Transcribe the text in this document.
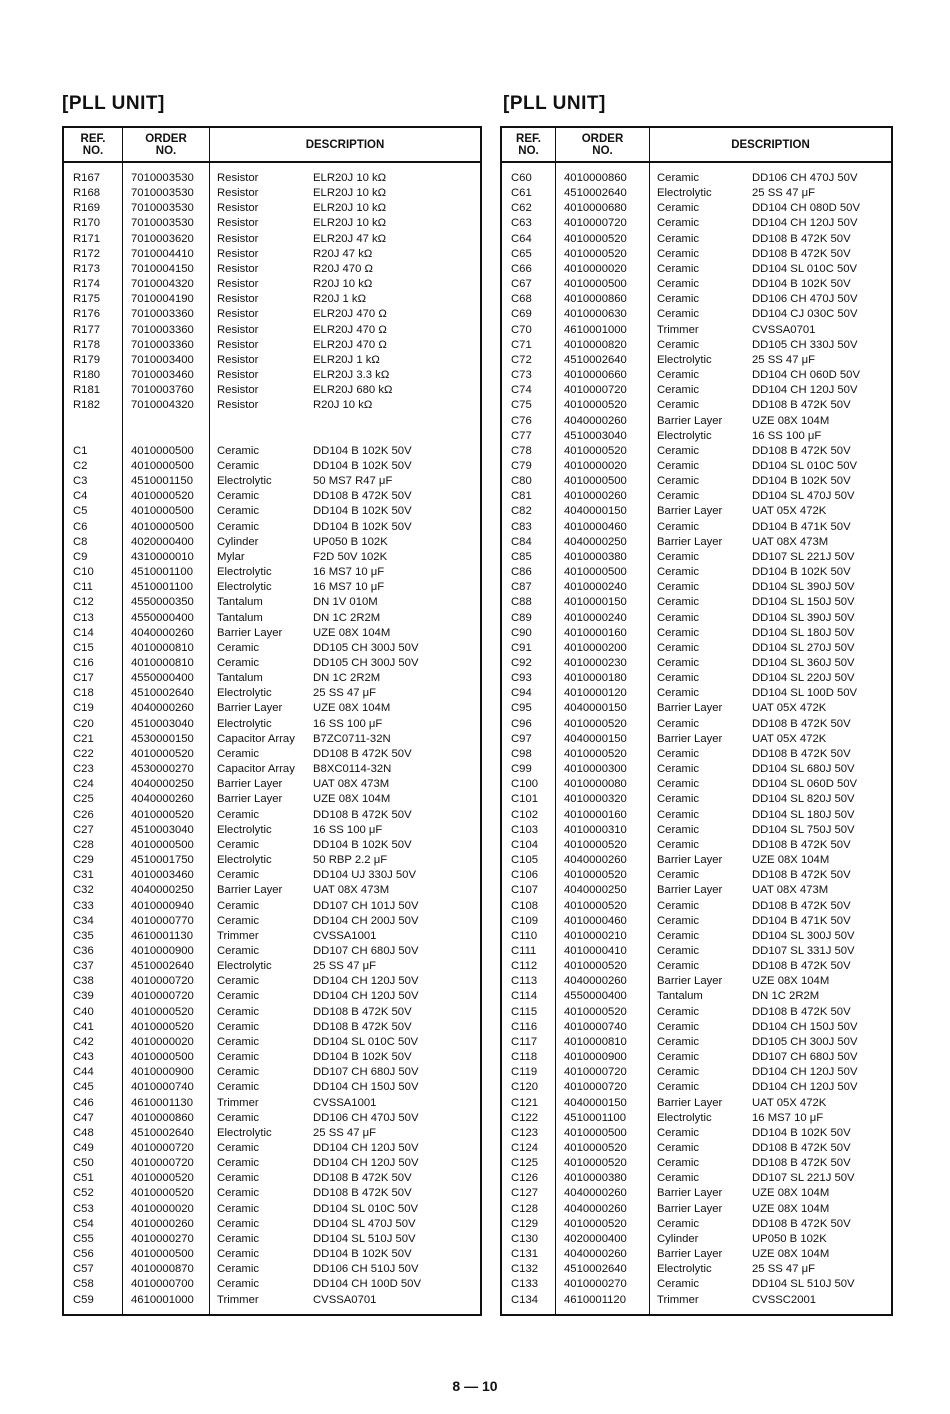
[PLL UNIT]	[PLL UNIT]
REF.
NO.
ORDER
NO.	DESCRIPTION
R167	7010003530	Resistor	ELR20J 10 kΩ
R168	7010003530	Resistor	ELR20J 10 kΩ
R169	7010003530	Resistor	ELR20J 10 kΩ
R170	7010003530	Resistor	ELR20J 10 kΩ
R171	7010003620	Resistor	ELR20J 47 kΩ
R172	7010004410	Resistor	R20J 47 kΩ
R173	7010004150	Resistor	R20J 470 Ω
R174	7010004320	Resistor	R20J 10 kΩ
R175	7010004190	Resistor	R20J 1 kΩ
R176	7010003360	Resistor	ELR20J 470 Ω
R177	7010003360	Resistor	ELR20J 470 Ω
R178	7010003360	Resistor	ELR20J 470 Ω
R179	7010003400	Resistor	ELR20J 1 kΩ
R180	7010003460	Resistor	ELR20J 3.3 kΩ
R181	7010003760	Resistor	ELR20J 680 kΩ
R182	7010004320	Resistor	R20J 10 kΩ
C1	4010000500	Ceramic	DD104 B 102K 50V
C2	4010000500	Ceramic	DD104 B 102K 50V
C3	4510001150	Electrolytic	50 MS7 R47 μF
C4	4010000520	Ceramic	DD108 B 472K 50V
C5	4010000500	Ceramic	DD104 B 102K 50V
C6	4010000500	Ceramic	DD104 B 102K 50V
C8	4020000400	Cylinder	UP050 B 102K
C9	4310000010	Mylar	F2D 50V 102K
C10	4510001100	Electrolytic	16 MS7 10 μF
C11	4510001100	Electrolytic	16 MS7 10 μF
C12	4550000350	Tantalum	DN 1V 010M
C13	4550000400	Tantalum	DN 1C 2R2M
C14	4040000260	Barrier Layer	UZE 08X 104M
C15	4010000810	Ceramic	DD105 CH 300J 50V
C16	4010000810	Ceramic	DD105 CH 300J 50V
C17	4550000400	Tantalum	DN 1C 2R2M
C18	4510002640	Electrolytic	25 SS 47 μF
C19	4040000260	Barrier Layer	UZE 08X 104M
C20	4510003040	Electrolytic	16 SS 100 μF
C21	4530000150	Capacitor Array	B7ZC0711-32N
C22	4010000520	Ceramic	DD108 B 472K 50V
C23	4530000270	Capacitor Array	B8XC0114-32N
C24	4040000250	Barrier Layer	UAT 08X 473M
C25	4040000260	Barrier Layer	UZE 08X 104M
C26	4010000520	Ceramic	DD108 B 472K 50V
C27	4510003040	Electrolytic	16 SS 100 μF
C28	4010000500	Ceramic	DD104 B 102K 50V
C29	4510001750	Electrolytic	50 RBP 2.2 μF
C31	4010003460	Ceramic	DD104 UJ 330J 50V
C32	4040000250	Barrier Layer	UAT 08X 473M
C33	4010000940	Ceramic	DD107 CH 101J 50V
C34	4010000770	Ceramic	DD104 CH 200J 50V
C35	4610001130	Trimmer	CVSSA1001
C36	4010000900	Ceramic	DD107 CH 680J 50V
C37	4510002640	Electrolytic	25 SS 47 μF
C38	4010000720	Ceramic	DD104 CH 120J 50V
C39	4010000720	Ceramic	DD104 CH 120J 50V
C40	4010000520	Ceramic	DD108 B 472K 50V
C41	4010000520	Ceramic	DD108 B 472K 50V
C42	4010000020	Ceramic	DD104 SL 010C 50V
C43	4010000500	Ceramic	DD104 B 102K 50V
C44	4010000900	Ceramic	DD107 CH 680J 50V
C45	4010000740	Ceramic	DD104 CH 150J 50V
C46	4610001130	Trimmer	CVSSA1001
C47	4010000860	Ceramic	DD106 CH 470J 50V
C48	4510002640	Electrolytic	25 SS 47 μF
C49	4010000720	Ceramic	DD104 CH 120J 50V
C50	4010000720	Ceramic	DD104 CH 120J 50V
C51	4010000520	Ceramic	DD108 B 472K 50V
C52	4010000520	Ceramic	DD108 B 472K 50V
C53	4010000020	Ceramic	DD104 SL 010C 50V
C54	4010000260	Ceramic	DD104 SL 470J 50V
C55	4010000270	Ceramic	DD104 SL 510J 50V
C56	4010000500	Ceramic	DD104 B 102K 50V
C57	4010000870	Ceramic	DD106 CH 510J 50V
C58	4010000700	Ceramic	DD104 CH 100D 50V
C59	4610001000	Trimmer	CVSSA0701
REF.
NO.
ORDER
NO.	DESCRIPTION
C60	4010000860	Ceramic	DD106 CH 470J 50V
C61	4510002640	Electrolytic	25 SS 47 μF
C62	4010000680	Ceramic	DD104 CH 080D 50V
C63	4010000720	Ceramic	DD104 CH 120J 50V
C64	4010000520	Ceramic	DD108 B 472K 50V
C65	4010000520	Ceramic	DD108 B 472K 50V
C66	4010000020	Ceramic	DD104 SL 010C 50V
C67	4010000500	Ceramic	DD104 B 102K 50V
C68	4010000860	Ceramic	DD106 CH 470J 50V
C69	4010000630	Ceramic	DD104 CJ 030C 50V
C70	4610001000	Trimmer	CVSSA0701
C71	4010000820	Ceramic	DD105 CH 330J 50V
C72	4510002640	Electrolytic	25 SS 47 μF
C73	4010000660	Ceramic	DD104 CH 060D 50V
C74	4010000720	Ceramic	DD104 CH 120J 50V
C75	4010000520	Ceramic	DD108 B 472K 50V
C76	4040000260	Barrier Layer	UZE 08X 104M
C77	4510003040	Electrolytic	16 SS 100 μF
C78	4010000520	Ceramic	DD108 B 472K 50V
C79	4010000020	Ceramic	DD104 SL 010C 50V
C80	4010000500	Ceramic	DD104 B 102K 50V
C81	4010000260	Ceramic	DD104 SL 470J 50V
C82	4040000150	Barrier Layer	UAT 05X 472K
C83	4010000460	Ceramic	DD104 B 471K 50V
C84	4040000250	Barrier Layer	UAT 08X 473M
C85	4010000380	Ceramic	DD107 SL 221J 50V
C86	4010000500	Ceramic	DD104 B 102K 50V
C87	4010000240	Ceramic	DD104 SL 390J 50V
C88	4010000150	Ceramic	DD104 SL 150J 50V
C89	4010000240	Ceramic	DD104 SL 390J 50V
C90	4010000160	Ceramic	DD104 SL 180J 50V
C91	4010000200	Ceramic	DD104 SL 270J 50V
C92	4010000230	Ceramic	DD104 SL 360J 50V
C93	4010000180	Ceramic	DD104 SL 220J 50V
C94	4010000120	Ceramic	DD104 SL 100D 50V
C95	4040000150	Barrier Layer	UAT 05X 472K
C96	4010000520	Ceramic	DD108 B 472K 50V
C97	4040000150	Barrier Layer	UAT 05X 472K
C98	4010000520	Ceramic	DD108 B 472K 50V
C99	4010000300	Ceramic	DD104 SL 680J 50V
C100	4010000080	Ceramic	DD104 SL 060D 50V
C101	4010000320	Ceramic	DD104 SL 820J 50V
C102	4010000160	Ceramic	DD104 SL 180J 50V
C103	4010000310	Ceramic	DD104 SL 750J 50V
C104	4010000520	Ceramic	DD108 B 472K 50V
C105	4040000260	Barrier Layer	UZE 08X 104M
C106	4010000520	Ceramic	DD108 B 472K 50V
C107	4040000250	Barrier Layer	UAT 08X 473M
C108	4010000520	Ceramic	DD108 B 472K 50V
C109	4010000460	Ceramic	DD104 B 471K 50V
C110	4010000210	Ceramic	DD104 SL 300J 50V
C111	4010000410	Ceramic	DD107 SL 331J 50V
C112	4010000520	Ceramic	DD108 B 472K 50V
C113	4040000260	Barrier Layer	UZE 08X 104M
C114	4550000400	Tantalum	DN 1C 2R2M
C115	4010000520	Ceramic	DD108 B 472K 50V
C116	4010000740	Ceramic	DD104 CH 150J 50V
C117	4010000810	Ceramic	DD105 CH 300J 50V
C118	4010000900	Ceramic	DD107 CH 680J 50V
C119	4010000720	Ceramic	DD104 CH 120J 50V
C120	4010000720	Ceramic	DD104 CH 120J 50V
C121	4040000150	Barrier Layer	UAT 05X 472K
C122	4510001100	Electrolytic	16 MS7 10 μF
C123	4010000500	Ceramic	DD104 B 102K 50V
C124	4010000520	Ceramic	DD108 B 472K 50V
C125	4010000520	Ceramic	DD108 B 472K 50V
C126	4010000380	Ceramic	DD107 SL 221J 50V
C127	4040000260	Barrier Layer	UZE 08X 104M
C128	4040000260	Barrier Layer	UZE 08X 104M
C129	4010000520	Ceramic	DD108 B 472K 50V
C130	4020000400	Cylinder	UP050 B 102K
C131	4040000260	Barrier Layer	UZE 08X 104M
C132	4510002640	Electrolytic	25 SS 47 μF
C133	4010000270	Ceramic	DD104 SL 510J 50V
C134	4610001120	Trimmer	CVSSC2001
8 — 10
